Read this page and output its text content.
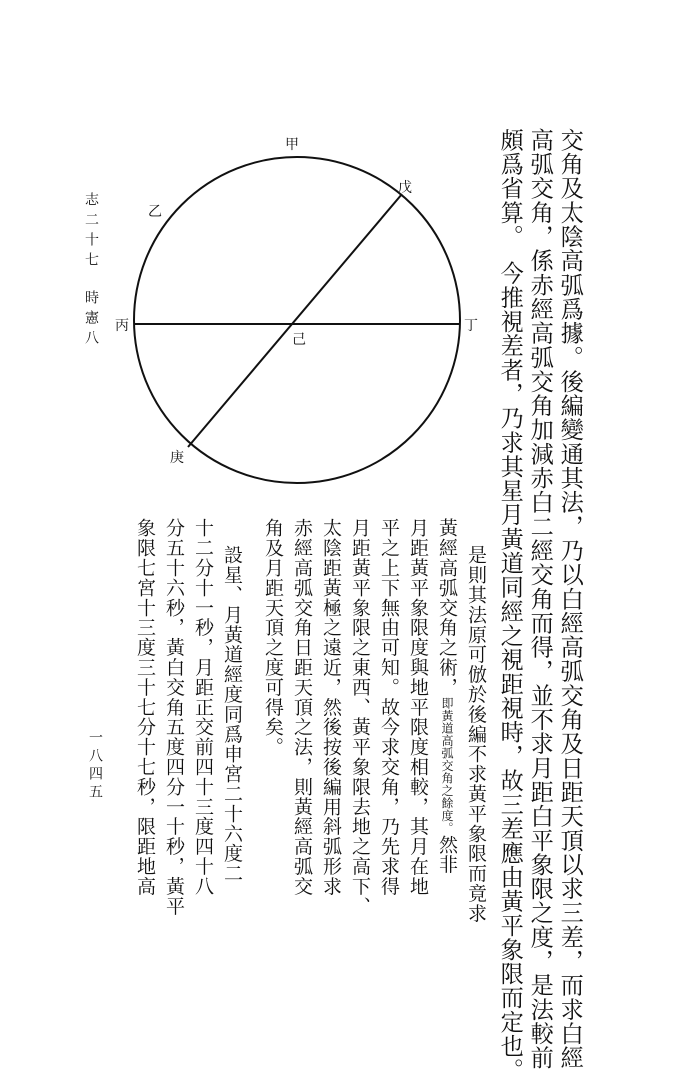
志二十七
時憲八
一八四五
甲
乙
丙	丁
戊
己
庚	交角及太陰高弧爲據。後編變通其法，乃以白經高弧交角及日距天頂以求三差，而求白經
高弧交角，係赤經高弧交角加減赤白二經交角而得，並不求月距白平象限之度，是法較前
頗爲省算。　今推視差者，乃求其星月黃道同經之視距視時，故三差應由黃平象限而定也。
是則其法原可倣於後編不求黃平象限而竟求
黃經高弧交角之術，即黃道高弧交角之餘度。然非
月距黃平象限度與地平限度相較，其月在地
平之上下無由可知。故今求交角，乃先求得
月距黃平象限之東西、黃平象限去地之高下、
太陰距黃極之遠近，然後按後編用斜弧形求
赤經高弧交角日距天頂之法，則黃經高弧交
角及月距天頂之度可得矣。
設星、月黃道經度同爲申宮二十六度二
十二分十一秒，月距正交前四十三度四十八
分五十六秒，黃白交角五度四分一十秒，黃平
象限七宮十三度三十七分十七秒，限距地高
